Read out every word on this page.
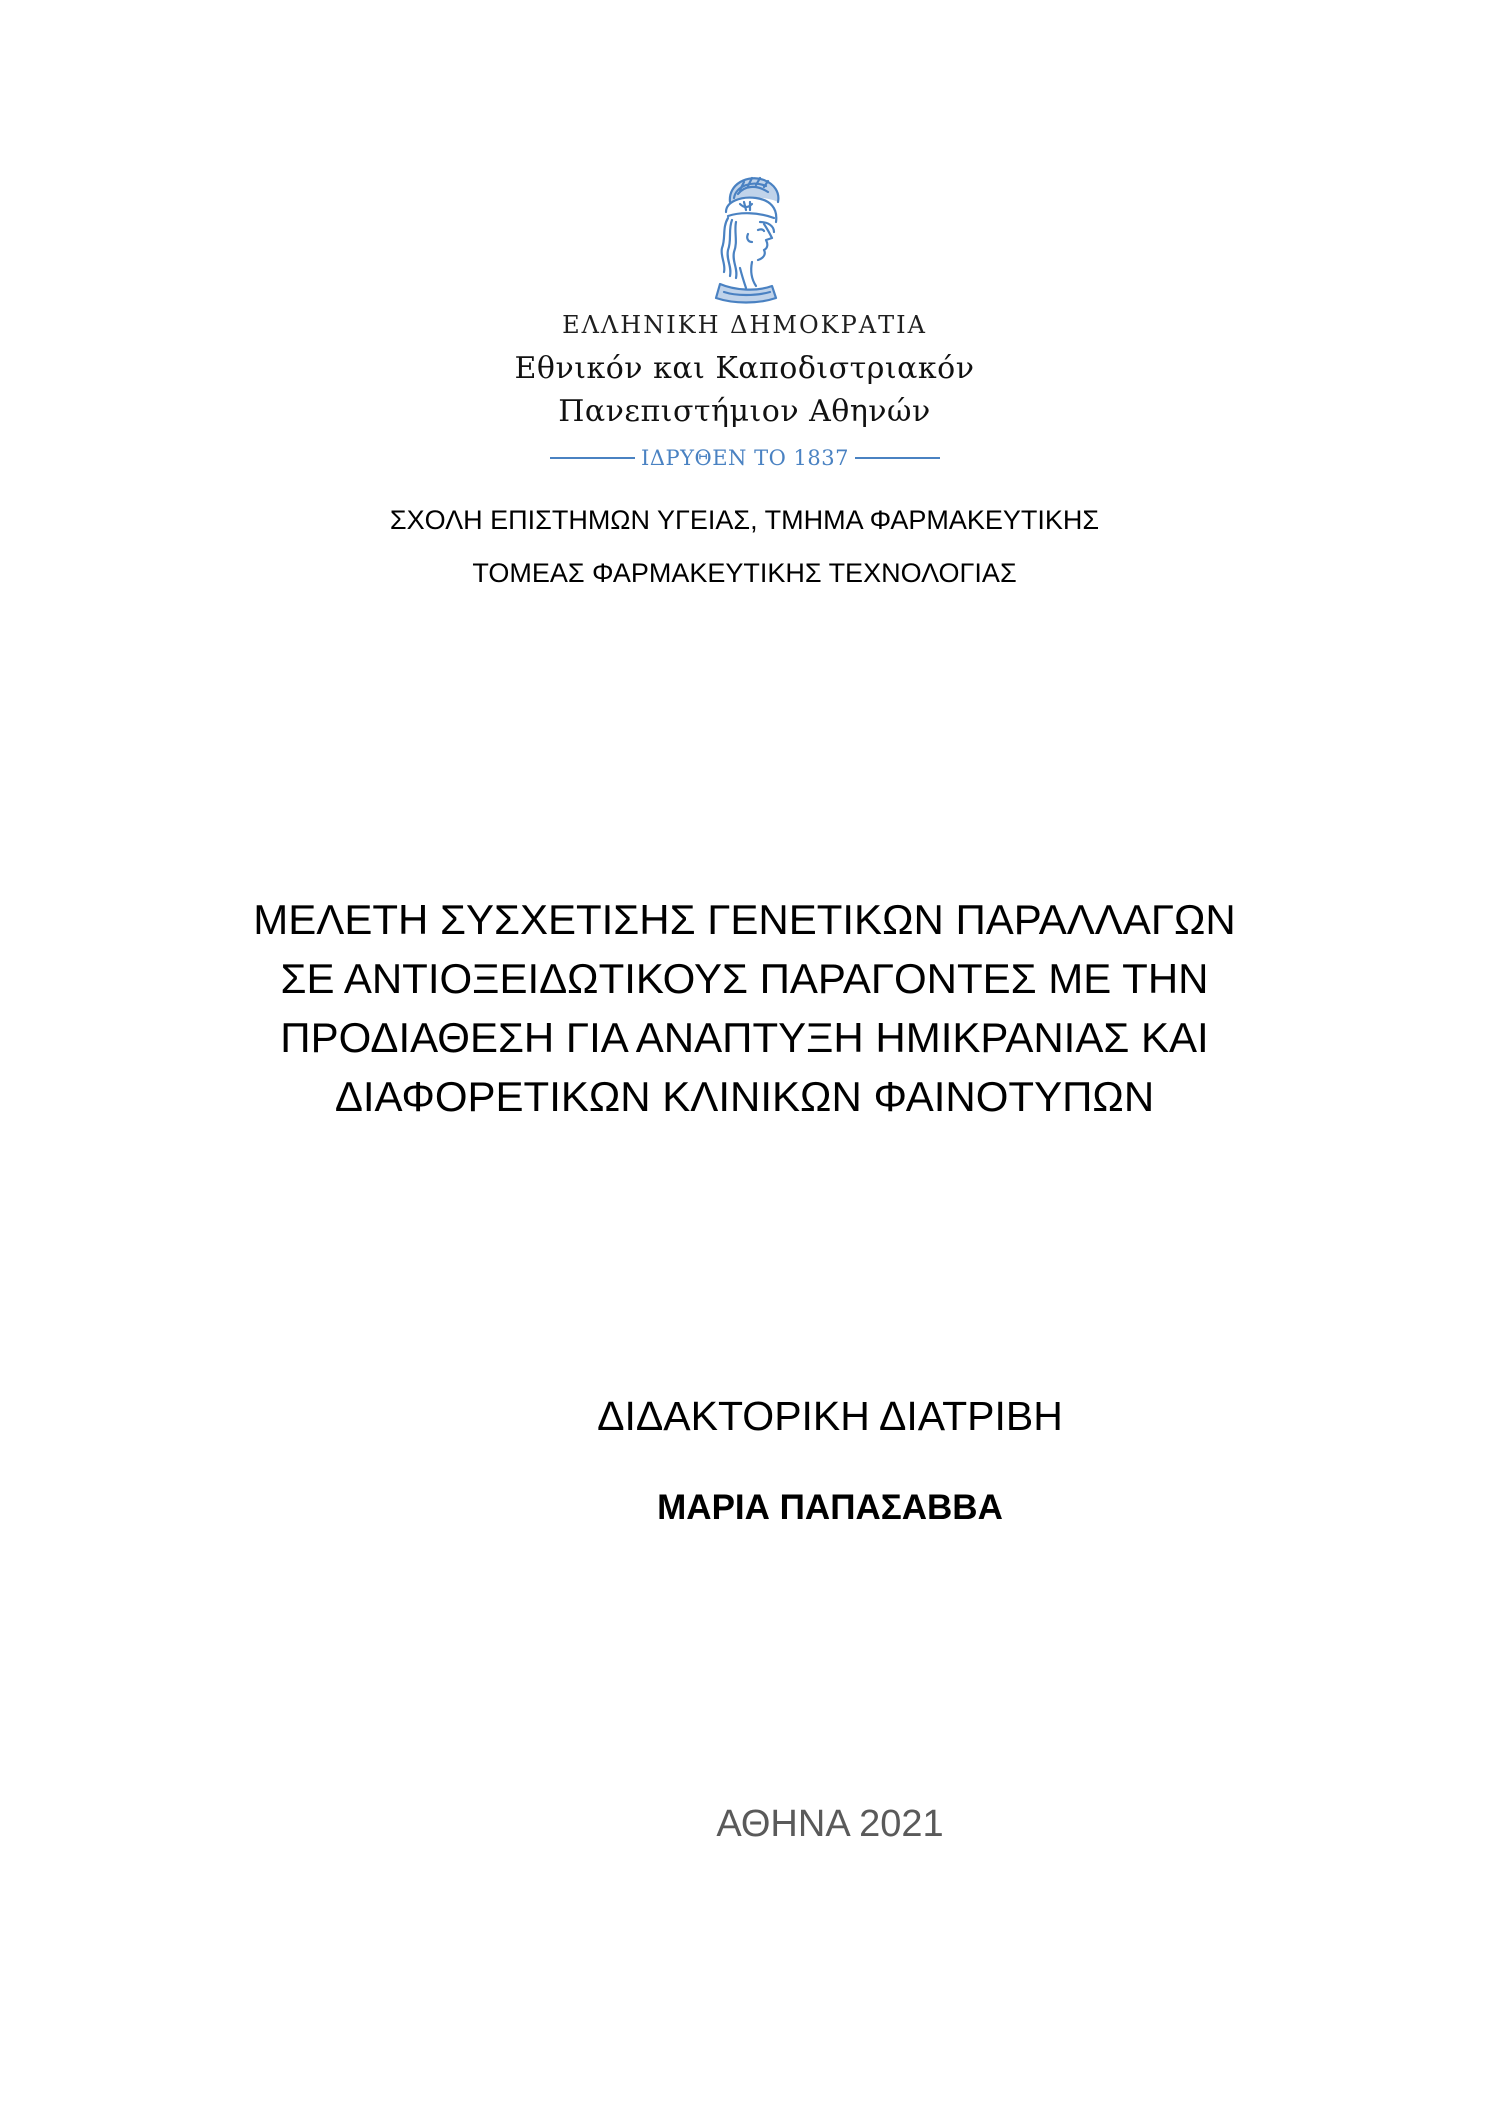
ΕΛΛΗΝΙΚΗ ΔΗΜΟΚΡΑΤΙΑ
Εθνικόν και Καποδιστριακόν
Πανεπιστήμιον Αθηνών
ΙΔΡΥΘΕΝ ΤΟ 1837
ΣΧΟΛΗ ΕΠΙΣΤΗΜΩΝ ΥΓΕΙΑΣ, ΤΜΗΜΑ ΦΑΡΜΑΚΕΥΤΙΚΗΣ
ΤΟΜΕΑΣ ΦΑΡΜΑΚΕΥΤΙΚΗΣ ΤΕΧΝΟΛΟΓΙΑΣ
ΜΕΛΕΤΗ ΣΥΣΧΕΤΙΣΗΣ ΓΕΝΕΤΙΚΩΝ ΠΑΡΑΛΛΑΓΩΝ
ΣΕ ΑΝΤΙΟΞΕΙΔΩΤΙΚΟΥΣ ΠΑΡΑΓΟΝΤΕΣ ΜΕ ΤΗΝ
ΠΡΟΔΙΑΘΕΣΗ ΓΙΑ ΑΝΑΠΤΥΞΗ ΗΜΙΚΡΑΝΙΑΣ ΚΑΙ
ΔΙΑΦΟΡΕΤΙΚΩΝ ΚΛΙΝΙΚΩΝ ΦΑΙΝΟΤΥΠΩΝ
ΔΙΔΑΚΤΟΡΙΚΗ ΔΙΑΤΡΙΒΗ
ΜΑΡΙΑ ΠΑΠΑΣΑΒΒΑ
ΑΘΗΝΑ 2021
